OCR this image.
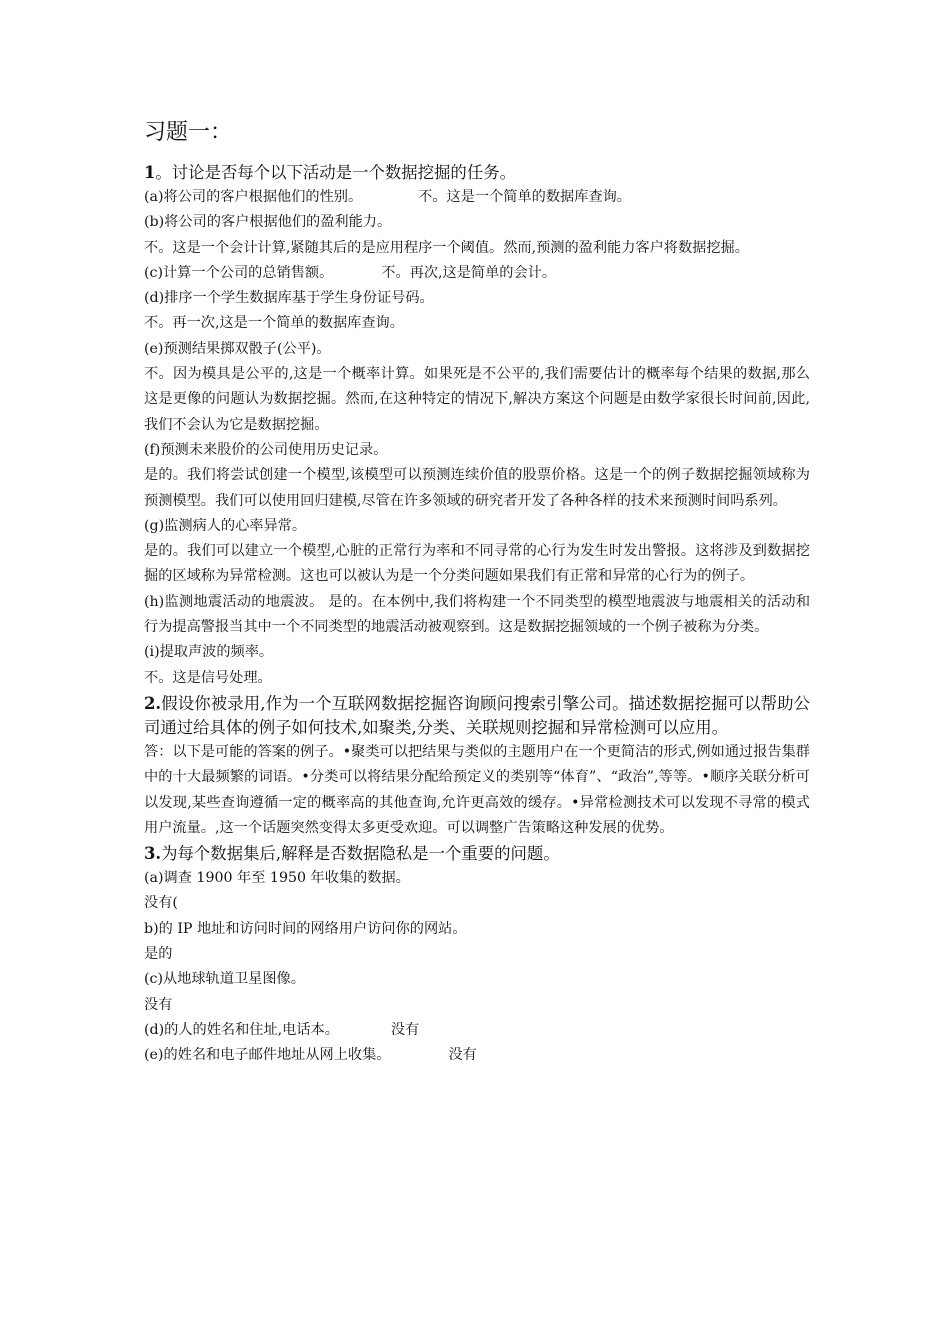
习题一：

1。讨论是否每个以下活动是一个数据挖掘的任务。

(a)将公司的客户根据他们的性别。	不。这是一个简单的数据库查询。

(b)将公司的客户根据他们的盈利能力。

不。这是一个会计计算,紧随其后的是应用程序一个阈值。然而,预测的盈利能力客户将数据挖掘。

(c)计算一个公司的总销售额。	不。再次,这是简单的会计。

(d)排序一个学生数据库基于学生身份证号码。

不。再一次,这是一个简单的数据库查询。

(e)预测结果掷双骰子(公平)。

不。因为模具是公平的,这是一个概率计算。如果死是不公平的,我们需要估计的概率每个结果的数据,那么这是更像的问题认为数据挖掘。然而,在这种特定的情况下,解决方案这个问题是由数学家很长时间前,因此,我们不会认为它是数据挖掘。

(f)预测未来股价的公司使用历史记录。

是的。我们将尝试创建一个模型,该模型可以预测连续价值的股票价格。这是一个的例子数据挖掘领域称为预测模型。我们可以使用回归建模,尽管在许多领域的研究者开发了各种各样的技术来预测时间吗系列。

(g)监测病人的心率异常。

是的。我们可以建立一个模型,心脏的正常行为率和不同寻常的心行为发生时发出警报。这将涉及到数据挖掘的区域称为异常检测。这也可以被认为是一个分类问题如果我们有正常和异常的心行为的例子。

(h)监测地震活动的地震波。 是的。在本例中,我们将构建一个不同类型的模型地震波与地震相关的活动和行为提高警报当其中一个不同类型的地震活动被观察到。这是数据挖掘领域的一个例子被称为分类。

(i)提取声波的频率。

不。这是信号处理。

2.假设你被录用,作为一个互联网数据挖掘咨询顾问搜索引擎公司。描述数据挖掘可以帮助公司通过给具体的例子如何技术,如聚类,分类、关联规则挖掘和异常检测可以应用。

答：以下是可能的答案的例子。•聚类可以把结果与类似的主题用户在一个更简洁的形式,例如通过报告集群中的十大最频繁的词语。•分类可以将结果分配给预定义的类别等“体育”、“政治”,等等。•顺序关联分析可以发现,某些查询遵循一定的概率高的其他查询,允许更高效的缓存。•异常检测技术可以发现不寻常的模式用户流量。,这一个话题突然变得太多更受欢迎。可以调整广告策略这种发展的优势。

3.为每个数据集后,解释是否数据隐私是一个重要的问题。

(a)调查 1900 年至 1950 年收集的数据。

没有(

b)的 IP 地址和访问时间的网络用户访问你的网站。

是的

(c)从地球轨道卫星图像。

没有

(d)的人的姓名和住址,电话本。	没有

(e)的姓名和电子邮件地址从网上收集。	没有
